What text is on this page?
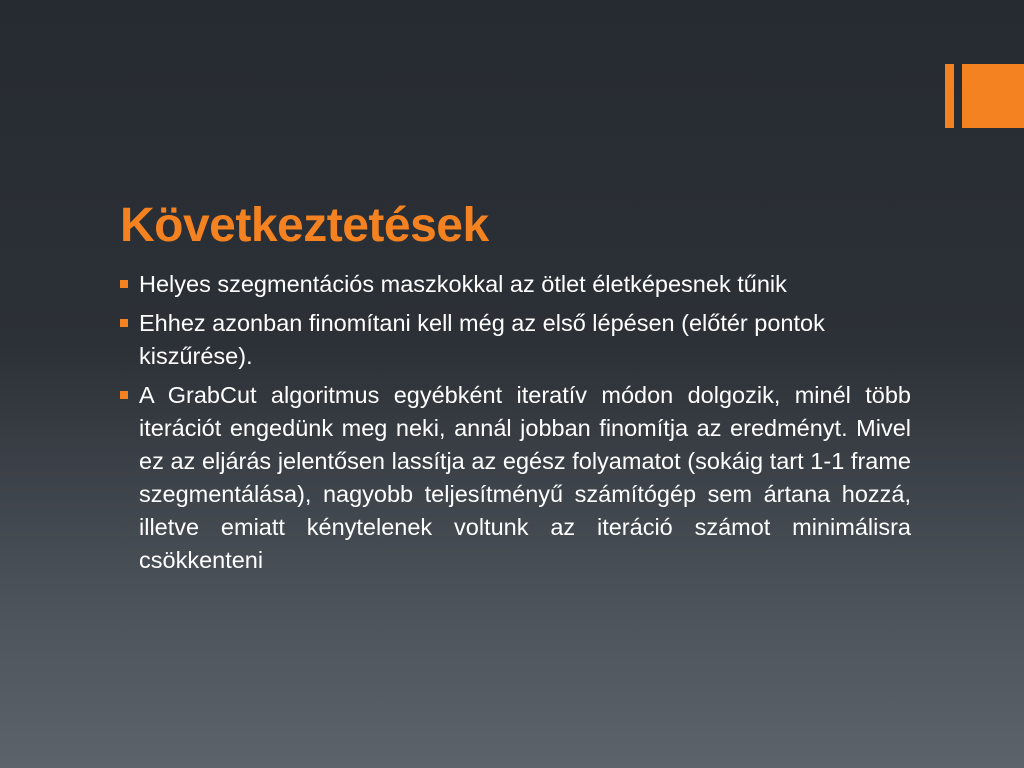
Következtetések
Helyes szegmentációs maszkokkal az ötlet életképesnek tűnik
Ehhez azonban finomítani kell még az első lépésen (előtér pontok kiszűrése).
A GrabCut algoritmus egyébként iteratív módon dolgozik, minél több iterációt engedünk meg neki, annál jobban finomítja az eredményt. Mivel ez az eljárás jelentősen lassítja az egész folyamatot (sokáig tart 1-1 frame szegmentálása), nagyobb teljesítményű számítógép sem ártana hozzá, illetve emiatt kénytelenek voltunk az iteráció számot minimálisra csökkenteni
